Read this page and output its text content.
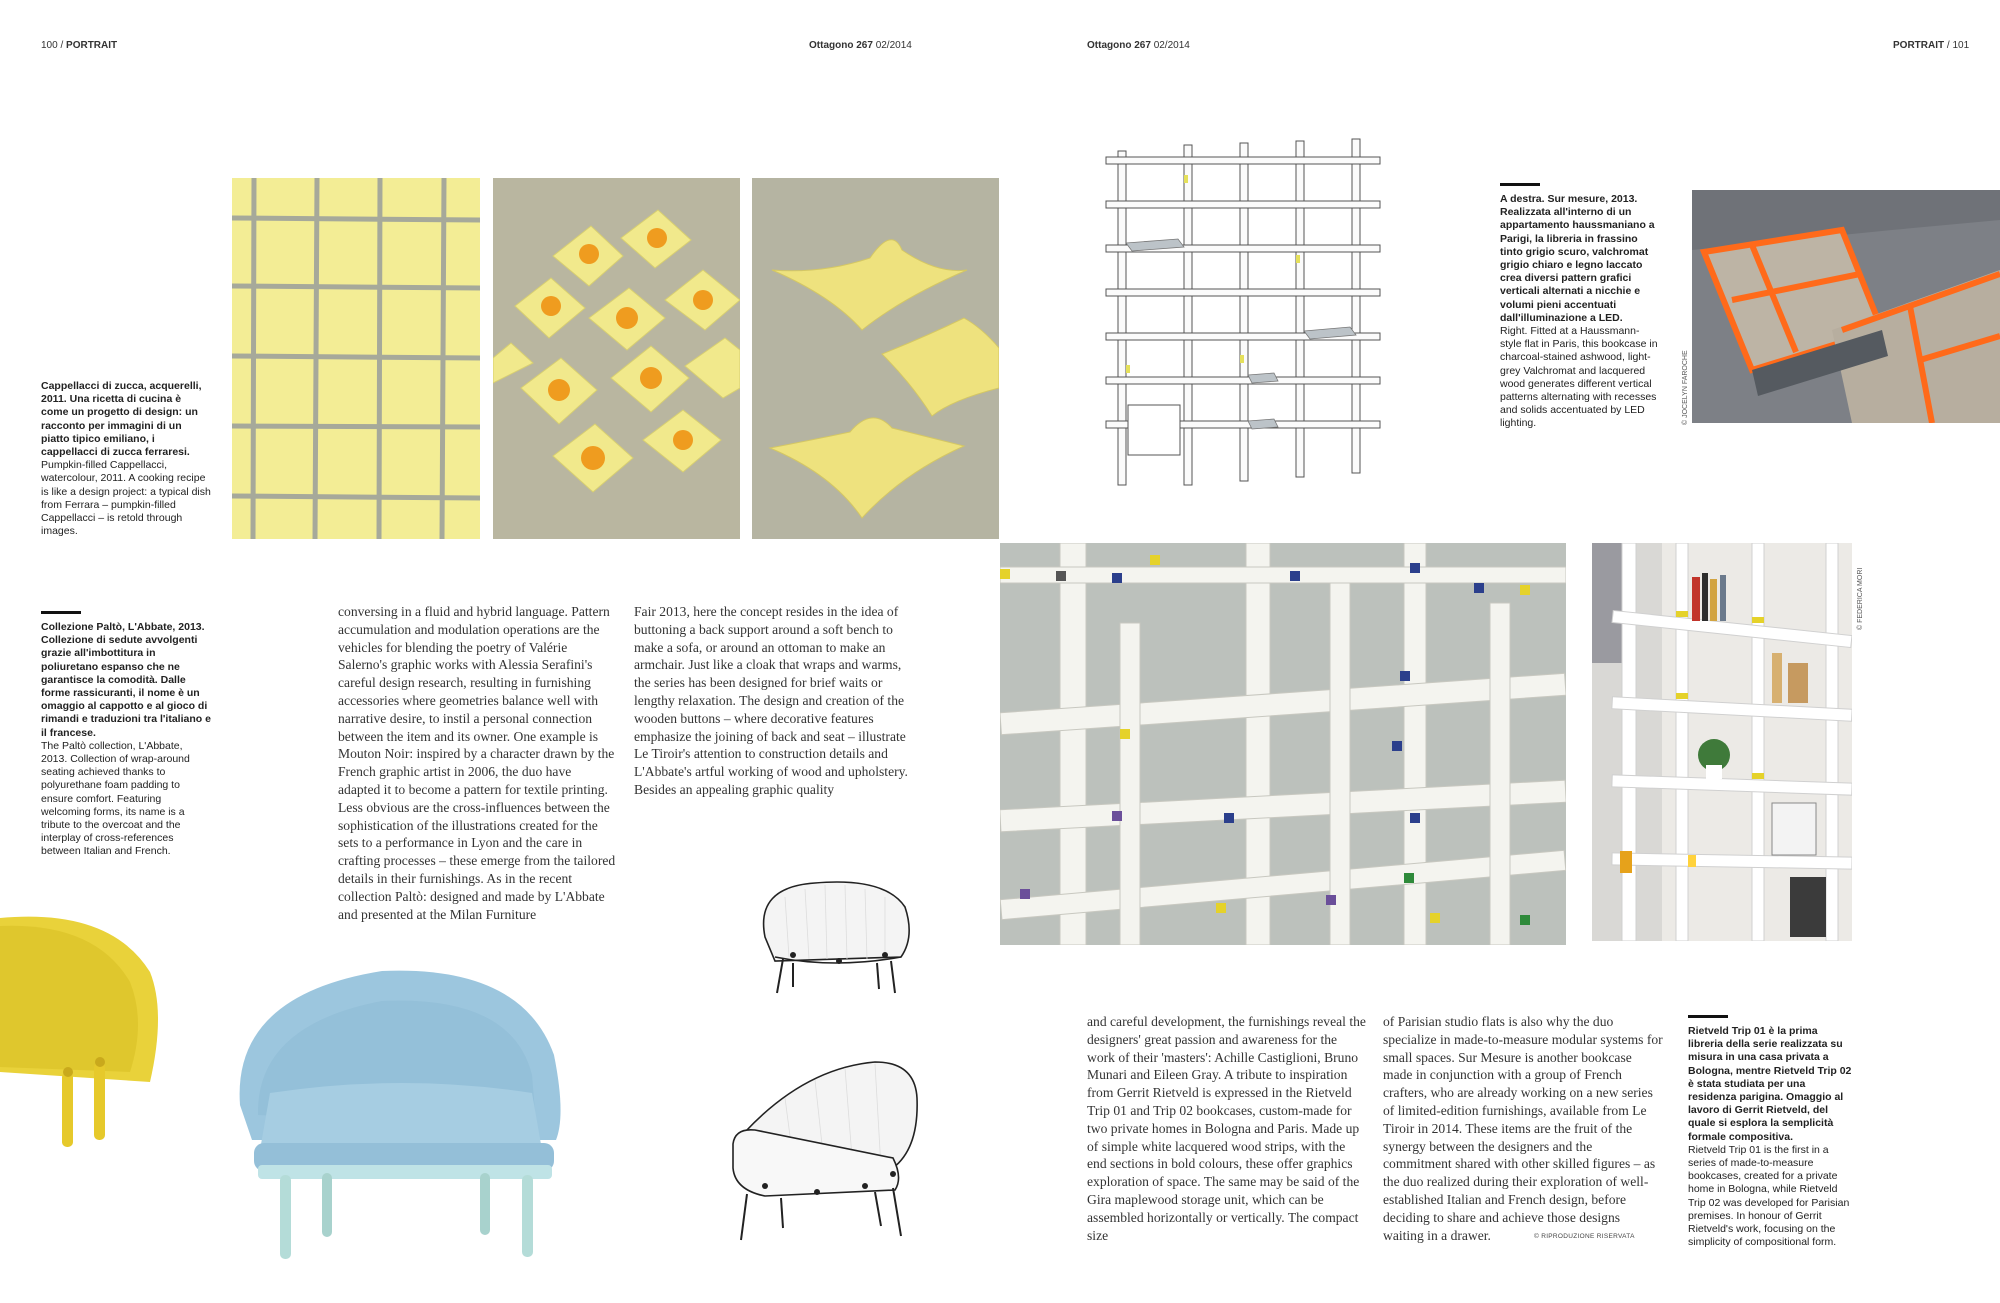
100 / PORTRAIT	Ottagono 267 02/2014	Ottagono 267 02/2014	PORTRAIT / 101
Cappellacci di zucca, acquerelli, 2011. Una ricetta di cucina è come un progetto di design: un racconto per immagini di un piatto tipico emiliano, i cappellacci di zucca ferraresi.
Pumpkin-filled Cappellacci, watercolour, 2011. A cooking recipe is like a design project: a typical dish from Ferrara – pumpkin-filled Cappellacci – is retold through images.
Collezione Paltò, L'Abbate, 2013. Collezione di sedute avvolgenti grazie all'imbottitura in poliuretano espanso che ne garantisce la comodità. Dalle forme rassicuranti, il nome è un omaggio al cappotto e al gioco di rimandi e traduzioni tra l'italiano e il francese.
The Paltò collection, L'Abbate, 2013. Collection of wrap-around seating achieved thanks to polyurethane foam padding to ensure comfort. Featuring welcoming forms, its name is a tribute to the overcoat and the interplay of cross-references between Italian and French.
conversing in a fluid and hybrid language. Pattern accumulation and modulation operations are the vehicles for blending the poetry of Valérie Salerno's graphic works with Alessia Serafini's careful design research, resulting in furnishing accessories where geometries balance well with narrative desire, to instil a personal connection between the item and its owner. One example is Mouton Noir: inspired by a character drawn by the French graphic artist in 2006, the duo have adapted it to become a pattern for textile printing. Less obvious are the cross-influences between the sophistication of the illustrations created for the sets to a performance in Lyon and the care in crafting processes – these emerge from the tailored details in their furnishings. As in the recent collection Paltò: designed and made by L'Abbate and presented at the Milan Furniture
Fair 2013, here the concept resides in the idea of buttoning a back support around a soft bench to make a sofa, or around an ottoman to make an armchair. Just like a cloak that wraps and warms, the series has been designed for brief waits or lengthy relaxation. The design and creation of the wooden buttons – where decorative features emphasize the joining of back and seat – illustrate Le Tiroir's attention to construction details and L'Abbate's artful working of wood and upholstery. Besides an appealing graphic quality
A destra. Sur mesure, 2013. Realizzata all'interno di un appartamento haussmaniano a Parigi, la libreria in frassino tinto grigio scuro, valchromat grigio chiaro e legno laccato crea diversi pattern grafici verticali alternati a nicchie e volumi pieni accentuati dall'illuminazione a LED.
Right. Fitted at a Haussmann-style flat in Paris, this bookcase in charcoal-stained ashwood, light-grey Valchromat and lacquered wood generates different vertical patterns alternating with recesses and solids accentuated by LED lighting.	© JOCELYN FAROCHE
© FEDERICA MORI
and careful development, the furnishings reveal the designers' great passion and awareness for the work of their 'masters': Achille Castiglioni, Bruno Munari and Eileen Gray. A tribute to inspiration from Gerrit Rietveld is expressed in the Rietveld Trip 01 and Trip 02 bookcases, custom-made for two private homes in Bologna and Paris. Made up of simple white lacquered wood strips, with the end sections in bold colours, these offer graphics exploration of space. The same may be said of the Gira maplewood storage unit, which can be assembled horizontally or vertically. The compact size
of Parisian studio flats is also why the duo specialize in made-to-measure modular systems for small spaces. Sur Mesure is another bookcase made in conjunction with a group of French crafters, who are already working on a new series of limited-edition furnishings, available from Le Tiroir in 2014. These items are the fruit of the synergy between the designers and the commitment shared with other skilled figures – as the duo realized during their exploration of well-established Italian and French design, before deciding to share and achieve those designs waiting in a drawer.	© RIPRODUZIONE RISERVATA
Rietveld Trip 01 è la prima libreria della serie realizzata su misura in una casa privata a Bologna, mentre Rietveld Trip 02 è stata studiata per una residenza parigina. Omaggio al lavoro di Gerrit Rietveld, del quale si esplora la semplicità formale compositiva.
Rietveld Trip 01 is the first in a series of made-to-measure bookcases, created for a private home in Bologna, while Rietveld Trip 02 was developed for Parisian premises. In honour of Gerrit Rietveld's work, focusing on the simplicity of compositional form.
